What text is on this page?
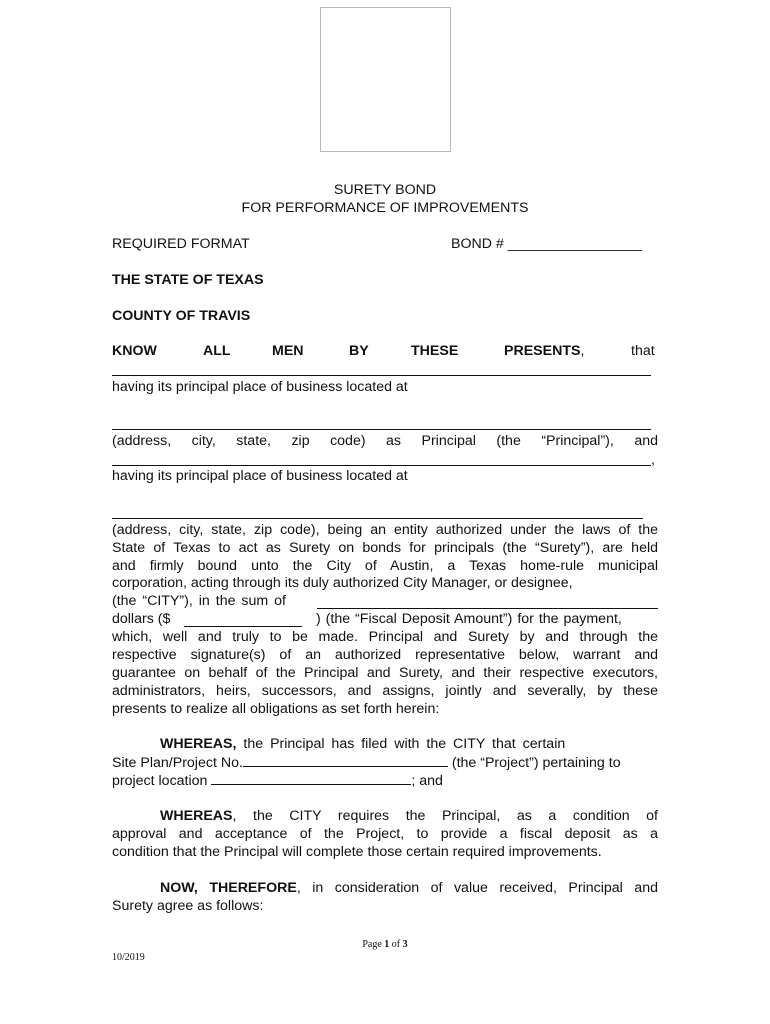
SURETY BOND
FOR PERFORMANCE OF IMPROVEMENTS
REQUIRED FORMAT	BOND # _________________
THE STATE OF TEXAS
COUNTY OF TRAVIS
KNOW	ALL	MEN	BY	THESE	PRESENTS,	that
having its principal place of business located at
(address, city, state, zip code) as Principal (the “Principal”), and
,
having its principal place of business located at
(address, city, state, zip code), being an entity authorized under the laws of the
State of Texas to act as Surety on bonds for principals (the “Surety”), are held
and firmly bound unto the City of Austin, a Texas home-rule municipal
corporation, acting through its duly authorized City Manager, or designee,
(the “CITY”), in the sum of
dollars ($	) (the “Fiscal Deposit Amount”) for the payment,
which, well and truly to be made. Principal and Surety by and through the
respective signature(s) of an authorized representative below, warrant and
guarantee on behalf of the Principal and Surety, and their respective executors,
administrators, heirs, successors, and assigns, jointly and severally, by these
presents to realize all obligations as set forth herein:
WHEREAS, the Principal has filed with the CITY that certain
Site Plan/Project No.	(the “Project”) pertaining to
project location	; and
WHEREAS, the CITY requires the Principal, as a condition of
approval and acceptance of the Project, to provide a fiscal deposit as a
condition that the Principal will complete those certain required improvements.
NOW, THEREFORE, in consideration of value received, Principal and
Surety agree as follows:
Page 1 of 3
10/2019
